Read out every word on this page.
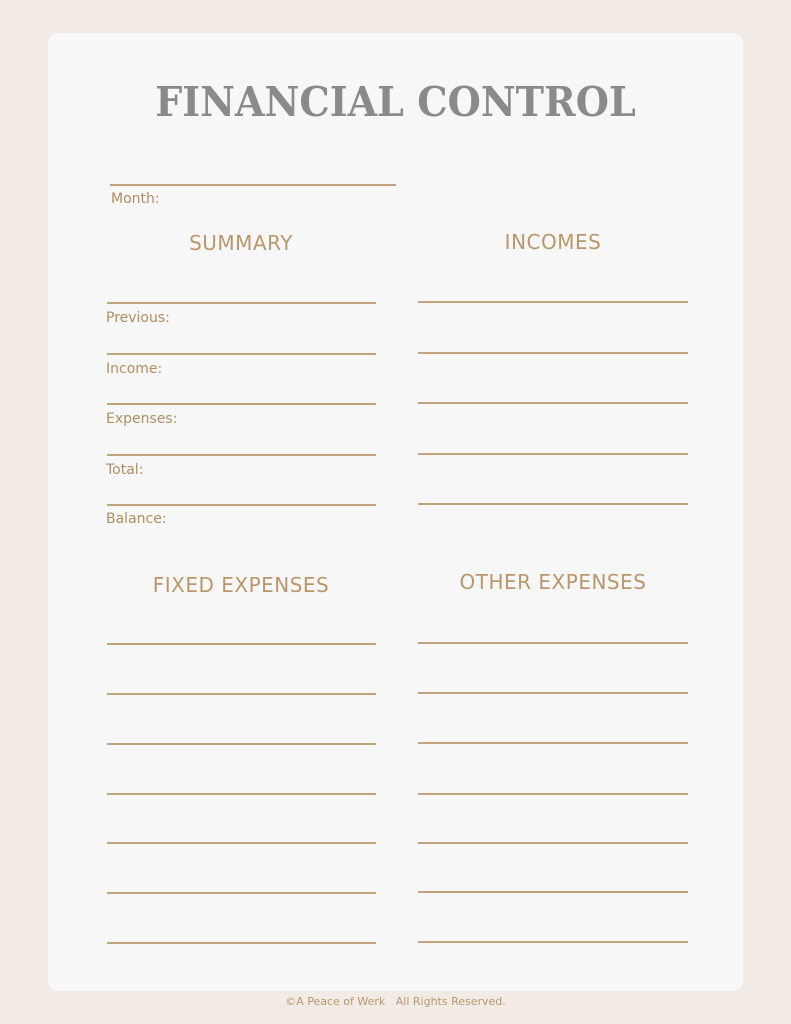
FINANCIAL CONTROL
Month:
SUMMARY	INCOMES
FIXED EXPENSES	OTHER EXPENSES
Previous:
Income:
Expenses:
Total:
Balance:
©A Peace of Werk   All Rights Reserved.
